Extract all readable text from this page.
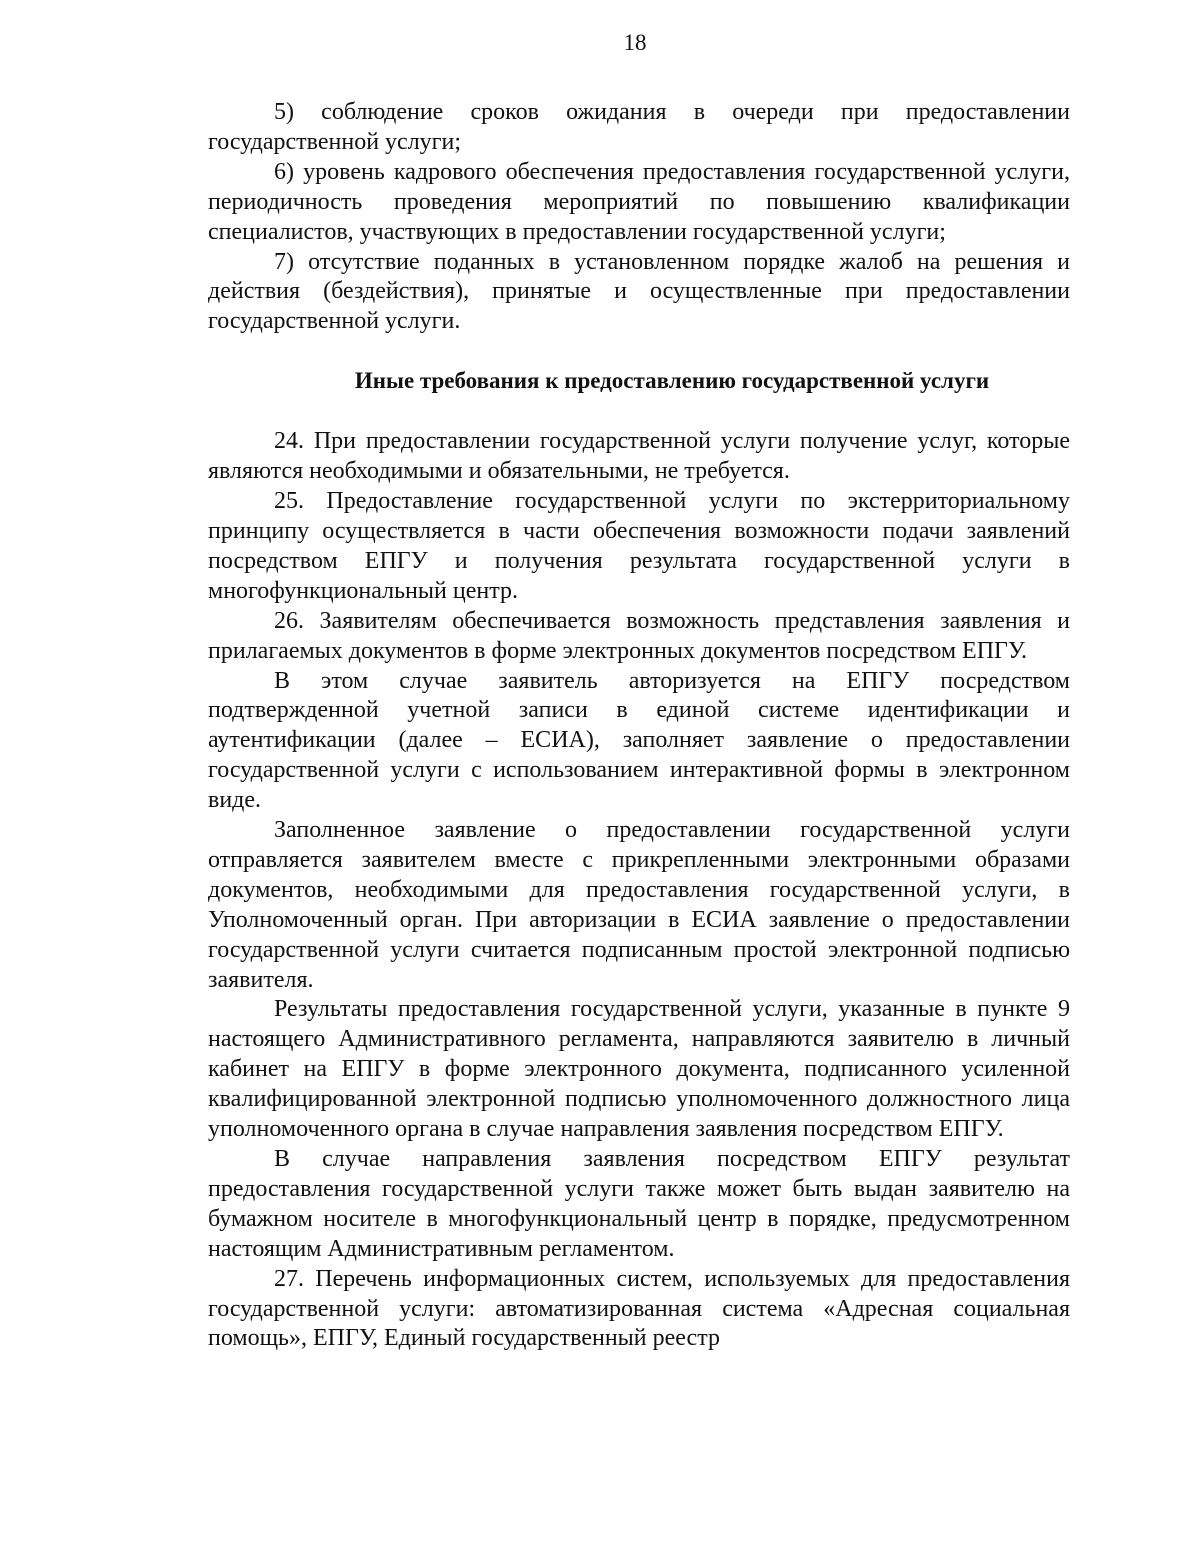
18

5) соблюдение сроков ожидания в очереди при предоставлении государственной услуги;

6) уровень кадрового обеспечения предоставления государственной услуги, периодичность проведения мероприятий по повышению квалификации специалистов, участвующих в предоставлении государственной услуги;

7) отсутствие поданных в установленном порядке жалоб на решения и действия (бездействия), принятые и осуществленные при предоставлении государственной услуги.

Иные требования к предоставлению государственной услуги

24. При предоставлении государственной услуги получение услуг, которые являются необходимыми и обязательными, не требуется.

25. Предоставление государственной услуги по экстерриториальному принципу осуществляется в части обеспечения возможности подачи заявлений посредством ЕПГУ и получения результата государственной услуги в многофункциональный центр.

26. Заявителям обеспечивается возможность представления заявления и прилагаемых документов в форме электронных документов посредством ЕПГУ.

В этом случае заявитель авторизуется на ЕПГУ посредством подтвержденной учетной записи в единой системе идентификации и аутентификации (далее – ЕСИА), заполняет заявление о предоставлении государственной услуги с использованием интерактивной формы в электронном виде.

Заполненное заявление о предоставлении государственной услуги отправляется заявителем вместе с прикрепленными электронными образами документов, необходимыми для предоставления государственной услуги, в Уполномоченный орган. При авторизации в ЕСИА заявление о предоставлении государственной услуги считается подписанным простой электронной подписью заявителя.

Результаты предоставления государственной услуги, указанные в пункте 9 настоящего Административного регламента, направляются заявителю в личный кабинет на ЕПГУ в форме электронного документа, подписанного усиленной квалифицированной электронной подписью уполномоченного должностного лица уполномоченного органа в случае направления заявления посредством ЕПГУ.

В случае направления заявления посредством ЕПГУ результат предоставления государственной услуги также может быть выдан заявителю на бумажном носителе в многофункциональный центр в порядке, предусмотренном настоящим Административным регламентом.

27. Перечень информационных систем, используемых для предоставления государственной услуги: автоматизированная система «Адресная социальная помощь», ЕПГУ, Единый государственный реестр
